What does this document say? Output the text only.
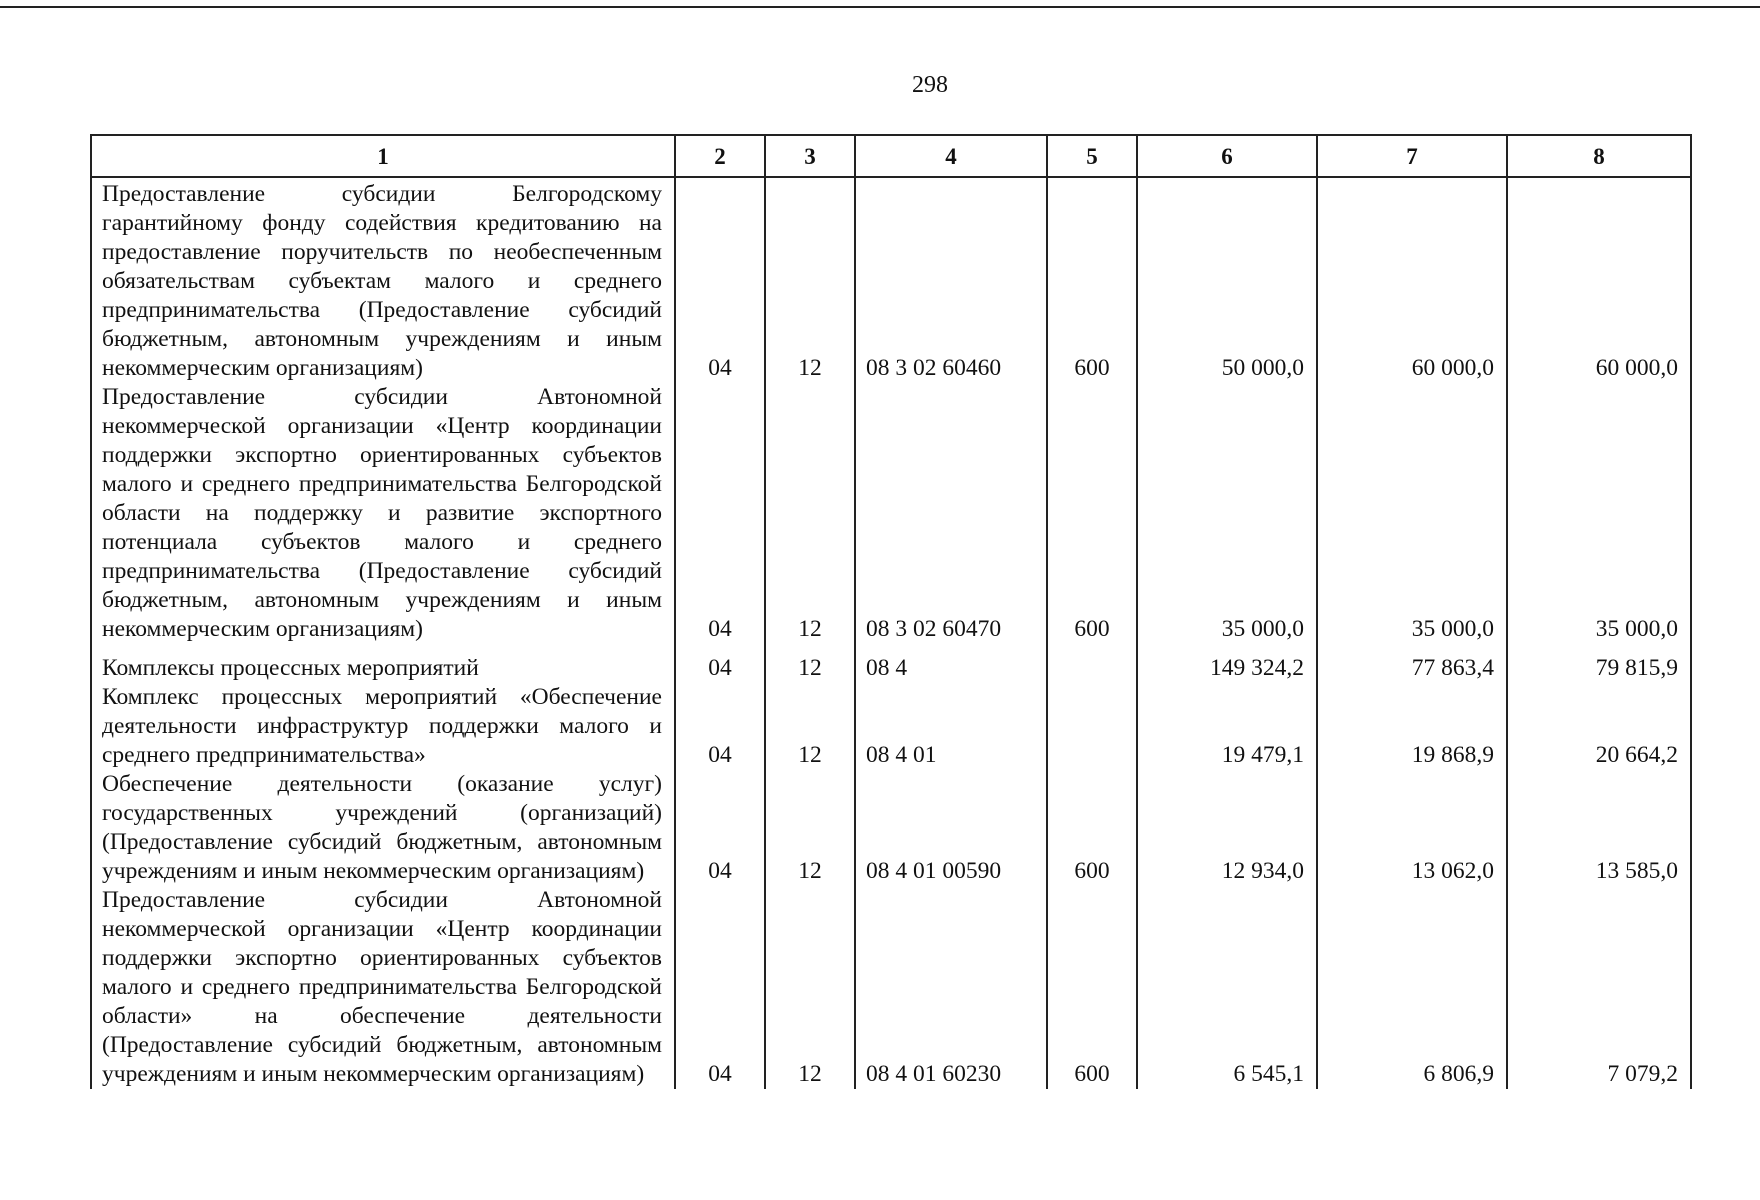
298
1	2	3	4	5	6	7	8
Предоставление субсидии Белгородскому гарантийному фонду содействия кредитованию на предоставление поручительств по необеспеченным обязательствам субъектам малого и среднего предпринимательства (Предоставление субсидий бюджетным, автономным учреждениям и иным некоммерческим организациям)	04	12	08 3 02 60460	600	50 000,0	60 000,0	60 000,0
Предоставление субсидии Автономной некоммерческой организации «Центр координации поддержки экспортно ориентированных субъектов малого и среднего предпринимательства Белгородской области на поддержку и развитие экспортного потенциала субъектов малого и среднего предпринимательства (Предоставление субсидий бюджетным, автономным учреждениям и иным некоммерческим организациям)	04	12	08 3 02 60470	600	35 000,0	35 000,0	35 000,0

Комплексы процессных мероприятий	04	12	08 4		149 324,2	77 863,4	79 815,9
Комплекс процессных мероприятий «Обеспечение деятельности инфраструктур поддержки малого и среднего предпринимательства»	04	12	08 4 01		19 479,1	19 868,9	20 664,2
Обеспечение деятельности (оказание услуг) государственных учреждений (организаций) (Предоставление субсидий бюджетным, автономным учреждениям и иным некоммерческим организациям)	04	12	08 4 01 00590	600	12 934,0	13 062,0	13 585,0
Предоставление субсидии Автономной некоммерческой организации «Центр координации поддержки экспортно ориентированных субъектов малого и среднего предпринимательства Белгородской области» на обеспечение деятельности (Предоставление субсидий бюджетным, автономным учреждениям и иным некоммерческим организациям)	04	12	08 4 01 60230	600	6 545,1	6 806,9	7 079,2
